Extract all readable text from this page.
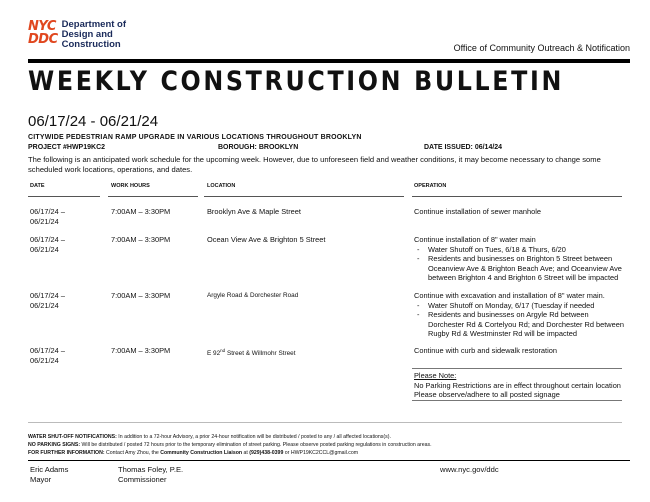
NYC
DDC
Department of
Design and
Construction	Office of Community Outreach & Notification
WEEKLY CONSTRUCTION BULLETIN
06/17/24 - 06/21/24
CITYWIDE PEDESTRIAN RAMP UPGRADE IN VARIOUS LOCATIONS THROUGHOUT BROOKLYN
PROJECT #HWP19KC2	BOROUGH: BROOKLYN	DATE ISSUED: 06/14/24
The following is an anticipated work schedule for the upcoming week. However, due to unforeseen field and weather conditions, it may become necessary to change some scheduled work locations, operations, and dates.
DATE	WORK HOURS	LOCATION	OPERATION
06/17/24 –
06/21/24
7:00AM – 3:30PM	Brooklyn Ave & Maple Street	Continue installation of sewer manhole
06/17/24 –
06/21/24
7:00AM – 3:30PM	Ocean View Ave & Brighton 5 Street	Continue installation of 8" water main
- Water Shutoff on Tues, 6/18 & Thurs, 6/20
- Residents and businesses on Brighton 5 Street between Oceanview Ave & Brighton Beach Ave; and Oceanview Ave between Brighton 4 and Brighton 6 Street will be impacted
06/17/24 –
06/21/24
7:00AM – 3:30PM	Argyle Road & Dorchester Road	Continue with excavation and installation of 8" water main.
- Water Shutoff on Monday, 6/17 (Tuesday if needed
- Residents and businesses on Argyle Rd between Dorchester Rd & Cortelyou Rd; and Dorchester Rd between Rugby Rd & Westminster Rd will be impacted
06/17/24 –
06/21/24
7:00AM – 3:30PM	E 92nd Street & Willmohr Street	Continue with curb and sidewalk restoration
Please Note:
No Parking Restrictions are in effect throughout certain location
Please observe/adhere to all posted signage
WATER SHUT-OFF NOTIFICATIONS: In addition to a 72-hour Advisory, a prior 24-hour notification will be distributed / posted to any / all affected locations(s).
NO PARKING SIGNS: Will be distributed / posted 72 hours prior to the temporary elimination of street parking. Please observe posted parking regulations in construction areas.
FOR FURTHER INFORMATION: Contact Amy Zhou, the Community Construction Liaison at (929)438-0399 or HWP19KC2CCL@gmail.com
Eric Adams
Mayor
Thomas Foley, P.E.
Commissioner
www.nyc.gov/ddc
